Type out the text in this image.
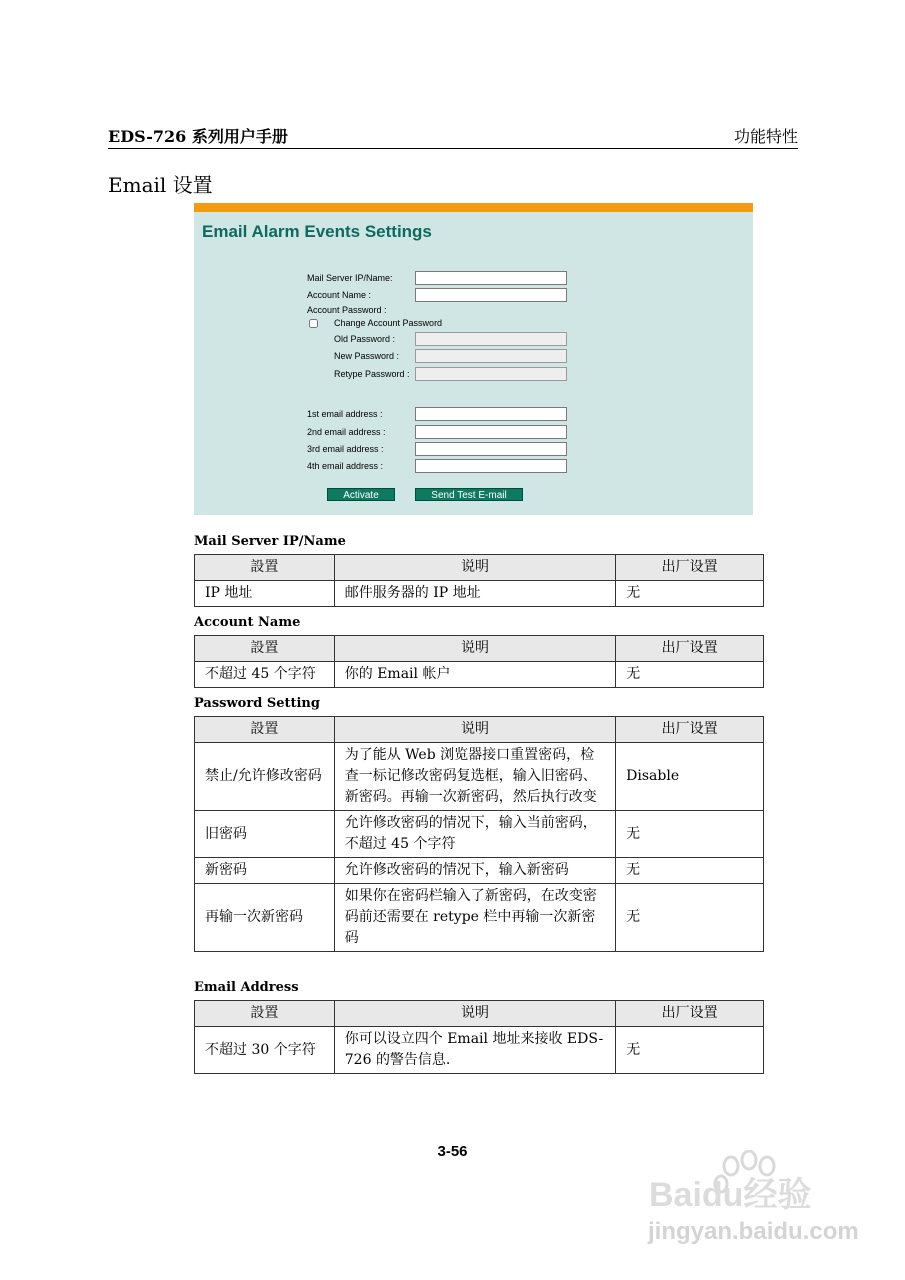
EDS-726 系列用户手册	功能特性
Email 设置
Email Alarm Events Settings
Mail Server IP/Name:
Account Name :
Account Password :
Change Account Password
Old Password :
New Password :
Retype Password :
1st email address :
2nd email address :
3rd email address :
4th email address :
Activate	Send Test E-mail
Mail Server IP/Name
設置	说明	出厂设置
IP 地址	邮件服务器的 IP 地址	无
Account Name
設置	说明	出厂设置
不超过 45 个字符	你的 Email 帐户	无
Password Setting
設置	说明	出厂设置
禁止/允许修改密码	为了能从 Web 浏览器接口重置密码，检查一标记修改密码复选框，输入旧密码、新密码。再输一次新密码，然后执行改变	Disable
旧密码	允许修改密码的情况下，输入当前密码，不超过 45 个字符	无
新密码	允许修改密码的情况下，输入新密码	无
再输一次新密码	如果你在密码栏输入了新密码，在改变密码前还需要在 retype 栏中再输一次新密码	无
Email Address
設置	说明	出厂设置
不超过 30 个字符	你可以设立四个 Email 地址来接收 EDS-726 的警告信息.	无
3-56
Baidu经验
jingyan.baidu.com
